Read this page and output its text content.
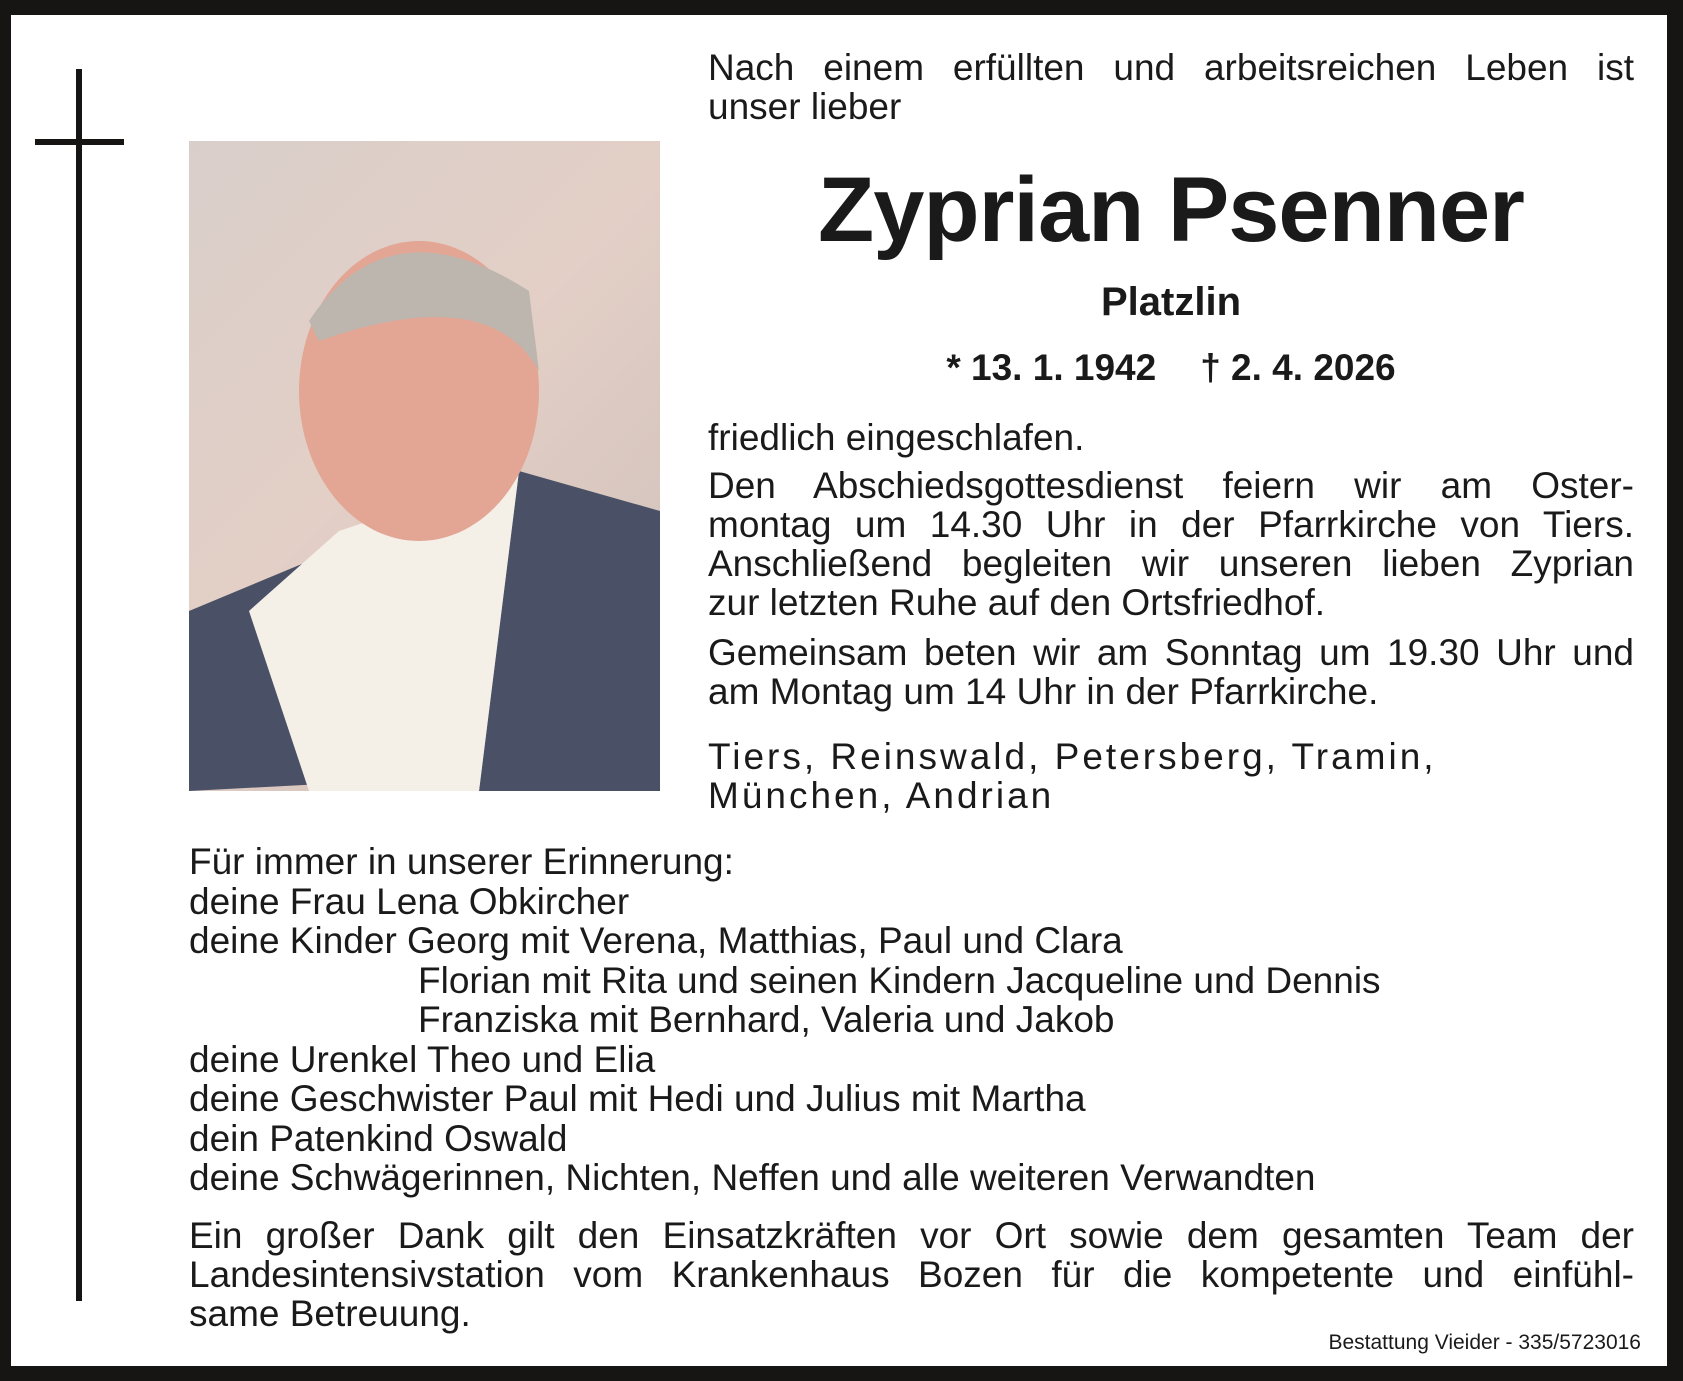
Nach einem erfüllten und arbeitsreichen Leben ist
unser lieber
Zyprian Psenner
Platzlin
* 13. 1. 1942 † 2. 4. 2026
friedlich eingeschlafen.
Den Abschiedsgottesdienst feiern wir am Oster-
montag um 14.30 Uhr in der Pfarrkirche von Tiers.
Anschließend begleiten wir unseren lieben Zyprian
zur letzten Ruhe auf den Ortsfriedhof.
Gemeinsam beten wir am Sonntag um 19.30 Uhr und
am Montag um 14 Uhr in der Pfarrkirche.
Tiers, Reinswald, Petersberg, Tramin,
München, Andrian
Für immer in unserer Erinnerung:
deine Frau Lena Obkircher
deine Kinder Georg mit Verena, Matthias, Paul und Clara
Florian mit Rita und seinen Kindern Jacqueline und Dennis
Franziska mit Bernhard, Valeria und Jakob
deine Urenkel Theo und Elia
deine Geschwister Paul mit Hedi und Julius mit Martha
dein Patenkind Oswald
deine Schwägerinnen, Nichten, Neffen und alle weiteren Verwandten
Ein großer Dank gilt den Einsatzkräften vor Ort sowie dem gesamten Team der
Landesintensivstation vom Krankenhaus Bozen für die kompetente und einfühl-
same Betreuung.
Bestattung Vieider - 335/5723016
